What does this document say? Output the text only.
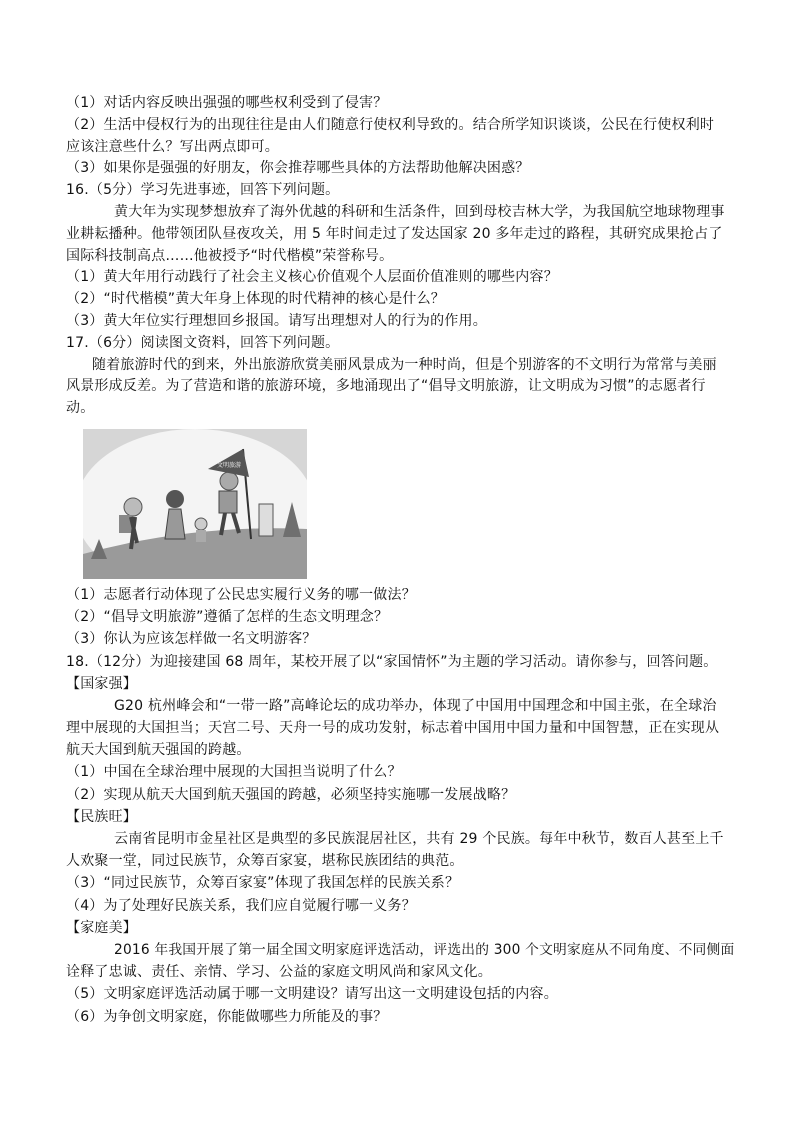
（1）对话内容反映出强强的哪些权利受到了侵害？
（2）生活中侵权行为的出现往往是由人们随意行使权利导致的。结合所学知识谈谈，公民在行使权利时
应该注意些什么？写出两点即可。
（3）如果你是强强的好朋友，你会推荐哪些具体的方法帮助他解决困惑？
16.（5分）学习先进事迹，回答下列问题。
黄大年为实现梦想放弃了海外优越的科研和生活条件，回到母校吉林大学，为我国航空地球物理事
业耕耘播种。他带领团队昼夜攻关，用 5 年时间走过了发达国家 20 多年走过的路程，其研究成果抢占了
国际科技制高点……他被授予“时代楷模”荣誉称号。
（1）黄大年用行动践行了社会主义核心价值观个人层面价值准则的哪些内容？
（2）“时代楷模”黄大年身上体现的时代精神的核心是什么？
（3）黄大年位实行理想回乡报国。请写出理想对人的行为的作用。
17.（6分）阅读图文资料，回答下列问题。
随着旅游时代的到来，外出旅游欣赏美丽风景成为一种时尚，但是个别游客的不文明行为常常与美丽
风景形成反差。为了营造和谐的旅游环境，多地涌现出了“倡导文明旅游，让文明成为习惯”的志愿者行
动。
文明旅游
（1）志愿者行动体现了公民忠实履行义务的哪一做法？
（2）“倡导文明旅游”遵循了怎样的生态文明理念？
（3）你认为应该怎样做一名文明游客？
18.（12分）为迎接建国 68 周年，某校开展了以“家国情怀”为主题的学习活动。请你参与，回答问题。
【国家强】
G20 杭州峰会和“一带一路”高峰论坛的成功举办，体现了中国用中国理念和中国主张，在全球治
理中展现的大国担当；天宫二号、天舟一号的成功发射，标志着中国用中国力量和中国智慧，正在实现从
航天大国到航天强国的跨越。
（1）中国在全球治理中展现的大国担当说明了什么？
（2）实现从航天大国到航天强国的跨越，必须坚持实施哪一发展战略？
【民族旺】
云南省昆明市金星社区是典型的多民族混居社区，共有 29 个民族。每年中秋节，数百人甚至上千
人欢聚一堂，同过民族节，众筹百家宴，堪称民族团结的典范。
（3）“同过民族节，众筹百家宴”体现了我国怎样的民族关系？
（4）为了处理好民族关系，我们应自觉履行哪一义务？
【家庭美】
2016 年我国开展了第一届全国文明家庭评选活动，评选出的 300 个文明家庭从不同角度、不同侧面
诠释了忠诚、责任、亲情、学习、公益的家庭文明风尚和家风文化。
（5）文明家庭评选活动属于哪一文明建设？请写出这一文明建设包括的内容。
（6）为争创文明家庭，你能做哪些力所能及的事？
